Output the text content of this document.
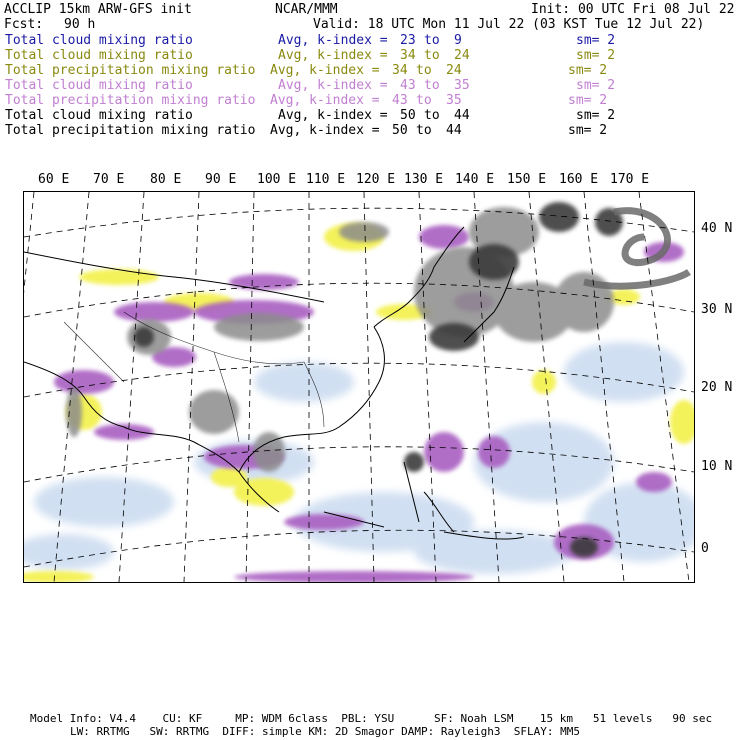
ACCLIP 15km ARW-GFS init	NCAR/MMM	Init: 00 UTC Fri 08 Jul 22
Fcst: 90 h	Valid: 18 UTC Mon 11 Jul 22 (03 KST Tue 12 Jul 22)
Total cloud mixing ratio	Avg, k-index = 23 to 9	sm= 2
Total cloud mixing ratio	Avg, k-index = 34 to 24	sm= 2
Total precipitation mixing ratio Avg, k-index = 34 to 24	sm= 2
Total cloud mixing ratio	Avg, k-index = 43 to 35	sm= 2
Total precipitation mixing ratio Avg, k-index = 43 to 35	sm= 2
Total cloud mixing ratio	Avg, k-index = 50 to 44	sm= 2
Total precipitation mixing ratio Avg, k-index = 50 to 44	sm= 2
60 E 70 E 80 E 90 E 100 E 110 E 120 E 130 E 140 E 150 E 160 E 170 E
40 N
30 N
20 N
10 N
0
Model Info: V4.4    CU: KF     MP: WDM 6class  PBL: YSU      SF: Noah LSM    15 km   51 levels   90 sec
LW: RRTMG   SW: RRTMG  DIFF: simple KM: 2D Smagor DAMP: Rayleigh3  SFLAY: MM5
